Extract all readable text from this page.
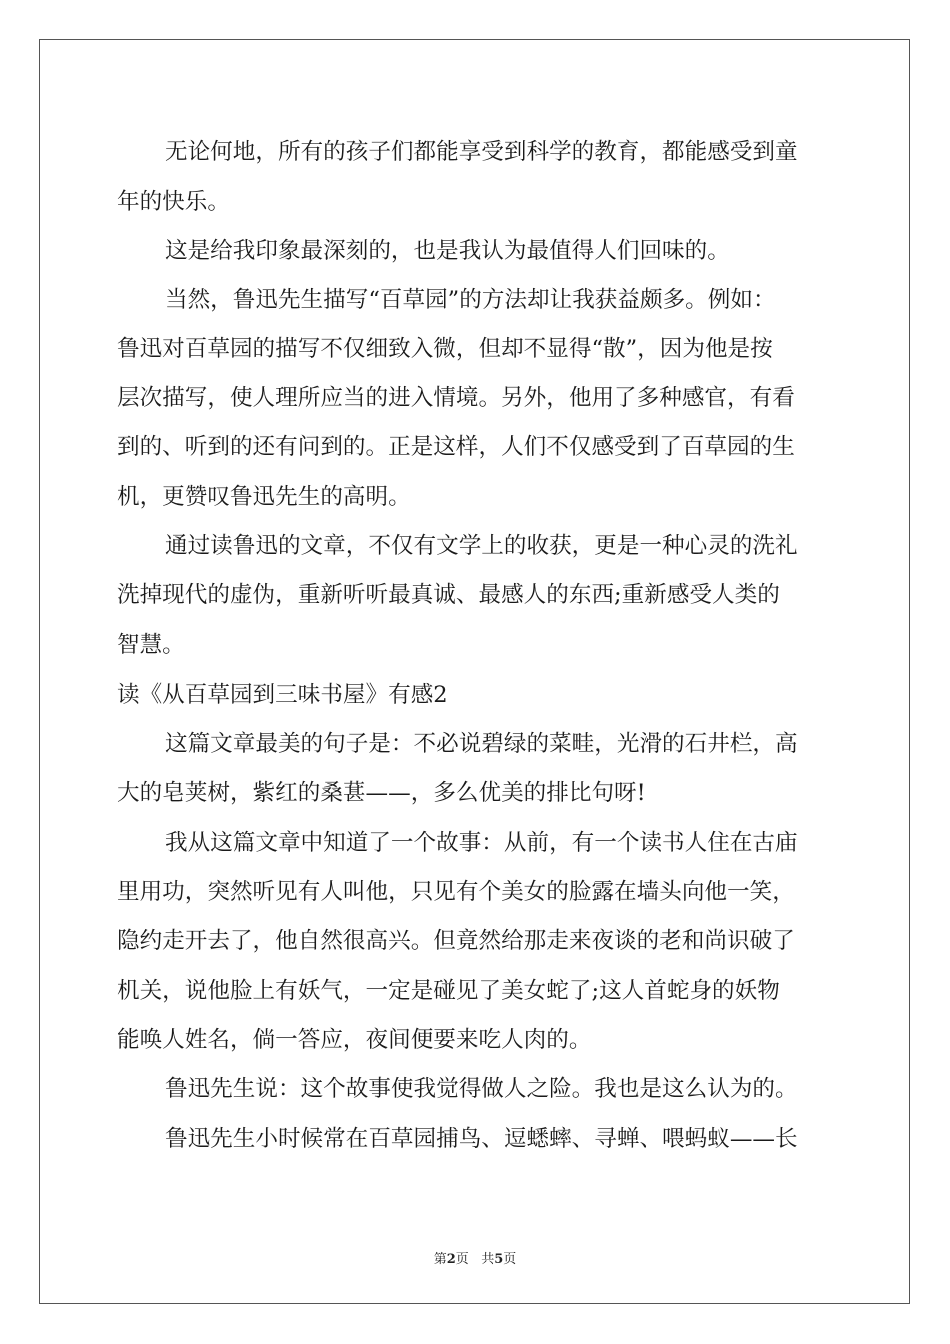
无论何地，所有的孩子们都能享受到科学的教育，都能感受到童
年的快乐。
这是给我印象最深刻的，也是我认为最值得人们回味的。
当然，鲁迅先生描写“百草园”的方法却让我获益颇多。例如：
鲁迅对百草园的描写不仅细致入微，但却不显得“散”，因为他是按
层次描写，使人理所应当的进入情境。另外，他用了多种感官，有看
到的、听到的还有问到的。正是这样，人们不仅感受到了百草园的生
机，更赞叹鲁迅先生的高明。
通过读鲁迅的文章，不仅有文学上的收获，更是一种心灵的洗礼
洗掉现代的虚伪，重新听听最真诚、最感人的东西;重新感受人类的
智慧。
读《从百草园到三味书屋》有感2
这篇文章最美的句子是：不必说碧绿的菜畦，光滑的石井栏，高
大的皂荚树，紫红的桑葚——，多么优美的排比句呀!
我从这篇文章中知道了一个故事：从前，有一个读书人住在古庙
里用功，突然听见有人叫他，只见有个美女的脸露在墙头向他一笑，
隐约走开去了，他自然很高兴。但竟然给那走来夜谈的老和尚识破了
机关，说他脸上有妖气，一定是碰见了美女蛇了;这人首蛇身的妖物
能唤人姓名，倘一答应，夜间便要来吃人肉的。
鲁迅先生说：这个故事使我觉得做人之险。我也是这么认为的。
鲁迅先生小时候常在百草园捕鸟、逗蟋蟀、寻蝉、喂蚂蚁——长
第2页 共5页
